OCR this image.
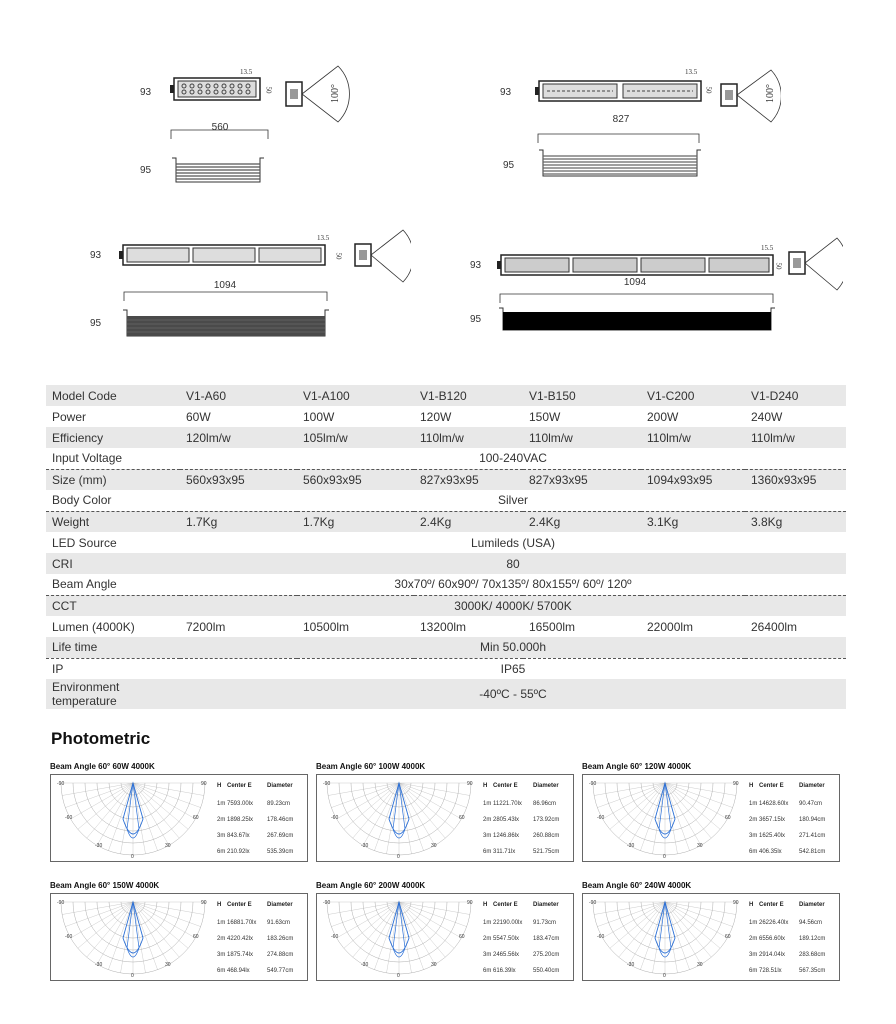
93
13.5
50	100°
560
95
93
13.5
50	100°
827
95
93
13.5
50
1094
95
93
15.5
50
1094
95
Model Code	V1-A60	V1-A100	V1-B120	V1-B150	V1-C200	V1-D240
Power	60W	100W	120W	150W	200W	240W
Efficiency	120lm/w	105lm/w	110lm/w	110lm/w	110lm/w	110lm/w
Input Voltage	100-240VAC					
Size (mm)	560x93x95	560x93x95	827x93x95	827x93x95	1094x93x95	1360x93x95
Body Color	Silver					
Weight	1.7Kg	1.7Kg	2.4Kg	2.4Kg	3.1Kg	3.8Kg
LED Source	Lumileds (USA)					
CRI	80					
Beam Angle	30x70º/ 60x90º/ 70x135º/ 80x155º/ 60º/ 120º					
CCT	3000K/ 4000K/ 5700K					
Lumen (4000K)	7200lm	10500lm	13200lm	16500lm	22000lm	26400lm
Life time	Min 50.000h					
IP	IP65					
Environment
temperature	-40ºC - 55ºC					
Photometric
Beam Angle 60° 60W 4000K
-90	90
-60	60
-30	30
0
H Center E	Diameter
1m 7593.00lx 89.23cm
2m 1898.25lx 178.46cm
3m 843.67lx	267.69cm
6m 210.92lx	535.39cm
Beam Angle 60° 100W 4000K
-90	90
-60	60
-30	30
0
H Center E	Diameter
1m 11221.70lx 86.96cm
2m 2805.43lx 173.92cm
3m 1246.86lx 260.88cm
6m 311.71lx	521.75cm
Beam Angle 60° 120W 4000K
-90	90
-60	60
-30	30
0
H Center E	Diameter
1m 14628.60lx 90.47cm
2m 3657.15lx 180.94cm
3m 1625.40lx 271.41cm
6m 406.35lx	542.81cm
Beam Angle 60° 150W 4000K
-90	90
-60	60
-30	30
0
H Center E	Diameter
1m 16881.70lx 91.63cm
2m 4220.42lx 183.26cm
3m 1875.74lx 274.88cm
6m 468.94lx	549.77cm
Beam Angle 60° 200W 4000K
-90	90
-60	60
-30	30
0
H Center E	Diameter
1m 22190.00lx 91.73cm
2m 5547.50lx 183.47cm
3m 2465.56lx 275.20cm
6m 616.39lx	550.40cm
Beam Angle 60° 240W 4000K
-90	90
-60	60
-30	30
0
H Center E	Diameter
1m 26226.40lx 94.56cm
2m 6556.60lx 189.12cm
3m 2914.04lx 283.68cm
6m 728.51lx	567.35cm
